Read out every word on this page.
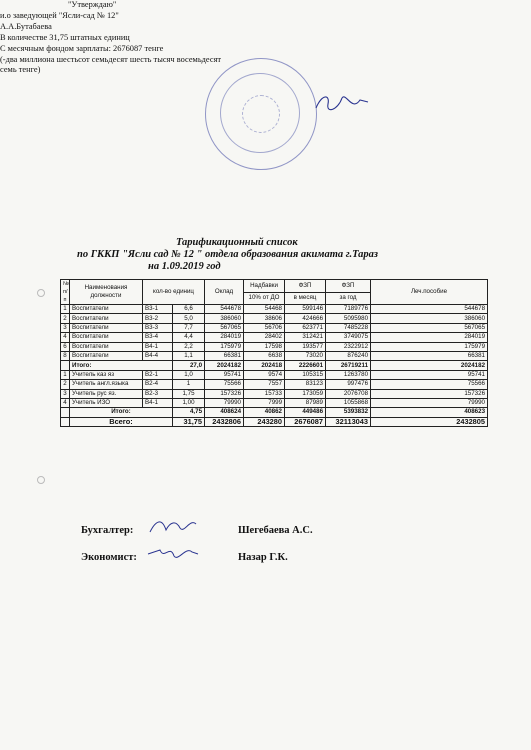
"Утверждаю"
и.о заведующей "Ясли-сад № 12"
А.А.Бутабаева
В количестве 31,75 штатных единиц
С месячным фондом зарплаты: 2676087 тенге
(-два миллиона шестьсот семьдесят шесть тысяч восемьдесят
семь тенге)
Тарификационный список
по ГККП "Ясли сад № 12 " отдела образования акимата г.Тараз
на 1.09.2019 год
№ п/п	Наименования должности	кол-во единиц		Оклад	Надбавки	ФЗП	ФЗП	Леч.пособие
					10% от ДО	в месяц	за год	
1	Воспитатели	В3-1	6,6	544678	54468	599146	7189776	544678
2	Воспитатели	В3-2	5,0	386060	38606	424666	5095980	386060
3	Воспитатели	В3-3	7,7	567065	56706	623771	7485228	567065
4	Воспитатели	В3-4	4,4	284019	28402	312421	3749075	284019
6	Воспитатели	В4-1	2,2	175979	17598	193577	2322912	175979
8	Воспитатели	В4-4	1,1	66381	6638	73020	876240	66381
	Итого:		27,0	2024182	202418	2226601	26719211	2024182
1	Учитель каз яз	В2-1	1,0	95741	9574	105315	1263780	95741
2	Учитель англ.языка	В2-4	1	75566	7557	83123	997476	75566
3	Учитель рус яз.	В2-3	1,75	157326	15733	173059	2076708	157326
4	Учитель ИЗО	В4-1	1,00	79990	7999	87989	1055868	79990
	Итого:		4,75	408624	40862	449486	5393832	408623
	Всего:		31,75	2432806	243280	2676087	32113043	2432805
Бухгалтер:	Шегебаева А.С.
Экономист:	Назар Г.К.
